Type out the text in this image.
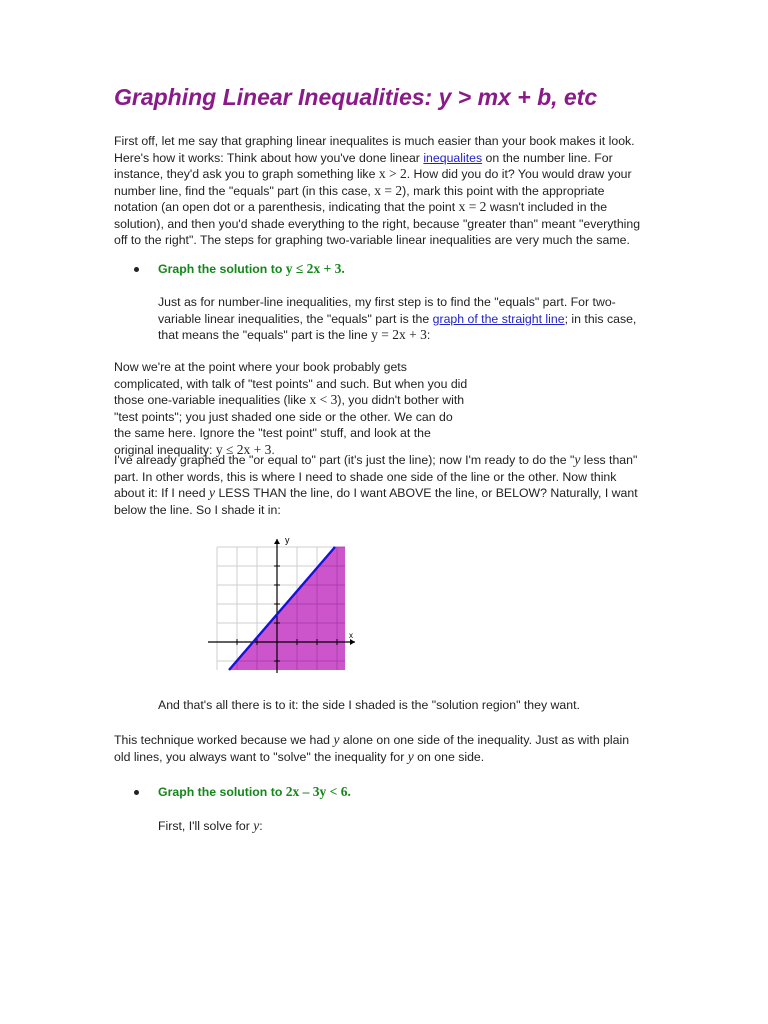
Graphing Linear Inequalities: y > mx + b, etc
First off, let me say that graphing linear inequalites is much easier than your book makes it look.
Here's how it works: Think about how you've done linear inequalites on the number line. For
instance, they'd ask you to graph something like x > 2. How did you do it? You would draw your
number line, find the "equals" part (in this case, x = 2), mark this point with the appropriate
notation (an open dot or a parenthesis, indicating that the point x = 2 wasn't included in the
solution), and then you'd shade everything to the right, because "greater than" meant "everything
off to the right". The steps for graphing two-variable linear inequalities are very much the same.
Graph the solution to y ≤ 2x + 3.
Just as for number-line inequalities, my first step is to find the "equals" part. For two-
variable linear inequalities, the "equals" part is the graph of the straight line; in this case,
that means the "equals" part is the line y = 2x + 3:
Now we're at the point where your book probably gets
complicated, with talk of "test points" and such. But when you did
those one-variable inequalities (like x < 3), you didn't bother with
"test points"; you just shaded one side or the other. We can do
the same here. Ignore the "test point" stuff, and look at the
original inequality: y ≤ 2x + 3.
I've already graphed the "or equal to" part (it's just the line); now I'm ready to do the "y less than"
part. In other words, this is where I need to shade one side of the line or the other. Now think
about it: If I need y LESS THAN the line, do I want ABOVE the line, or BELOW? Naturally, I want
below the line. So I shade it in:
y
x
And that's all there is to it: the side I shaded is the "solution region" they want.
This technique worked because we had y alone on one side of the inequality. Just as with plain
old lines, you always want to "solve" the inequality for y on one side.
Graph the solution to 2x – 3y < 6.
First, I'll solve for y:
